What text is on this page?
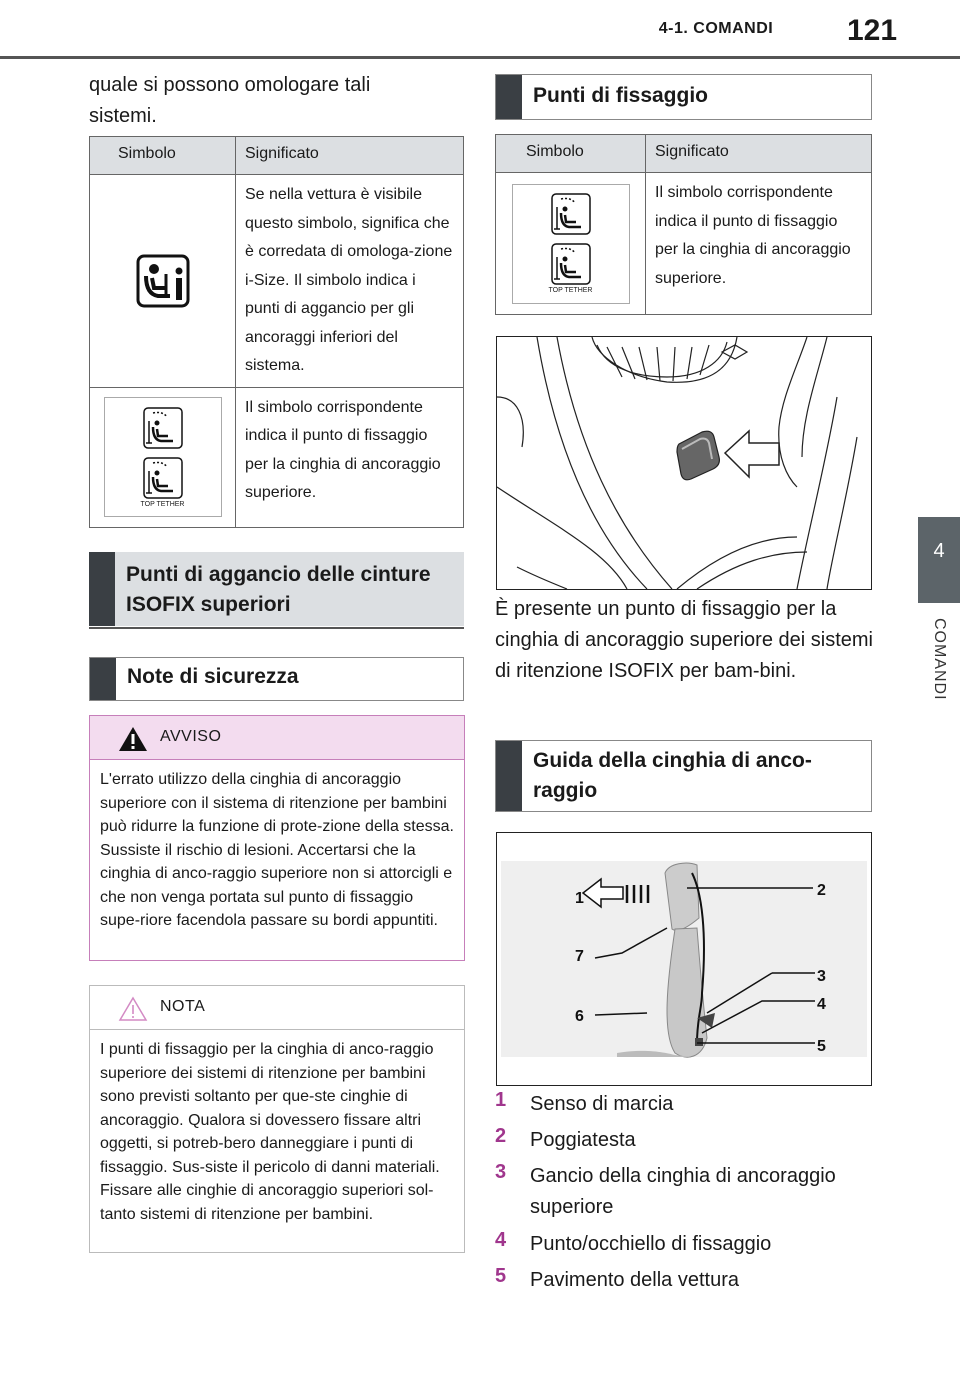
4-1. COMANDI	121
4
COMANDI
quale si possono omologare tali sistemi.
Simbolo	Significato

	Se nella vettura è visibile questo simbolo, significa che è corredata di omologa-zione i-Size. Il simbolo indica i punti di aggancio per gli ancoraggi inferiori del sistema.

TOP TETHER	Il simbolo corrispondente indica il punto di fissaggio per la cinghia di ancoraggio superiore.
Punti di aggancio delle cinture ISOFIX superiori
Note di sicurezza
AVVISO
L'errato utilizzo della cinghia di ancoraggio superiore con il sistema di ritenzione per bambini può ridurre la funzione di prote-zione della stessa. Sussiste il rischio di lesioni. Accertarsi che la cinghia di anco-raggio superiore non si attorcigli e che non venga portata sul punto di fissaggio supe-riore facendola passare su bordi appuntiti.
NOTA
I punti di fissaggio per la cinghia di anco-raggio superiore dei sistemi di ritenzione per bambini sono previsti soltanto per que-ste cinghie di ancoraggio. Qualora si dovessero fissare altri oggetti, si potreb-bero danneggiare i punti di fissaggio. Sus-siste il pericolo di danni materiali. Fissare alle cinghie di ancoraggio superiori sol-tanto sistemi di ritenzione per bambini.
Punti di fissaggio
Simbolo	Significato

TOP TETHER	Il simbolo corrispondente indica il punto di fissaggio per la cinghia di ancoraggio superiore.
È presente un punto di fissaggio per la cinghia di ancoraggio superiore dei sistemi di ritenzione ISOFIX per bam-bini.
Guida della cinghia di anco-raggio
1	2
3
4
5
6
7
1	Senso di marcia
2	Poggiatesta
3	Gancio della cinghia di ancoraggio superiore
4	Punto/occhiello di fissaggio
5	Pavimento della vettura
